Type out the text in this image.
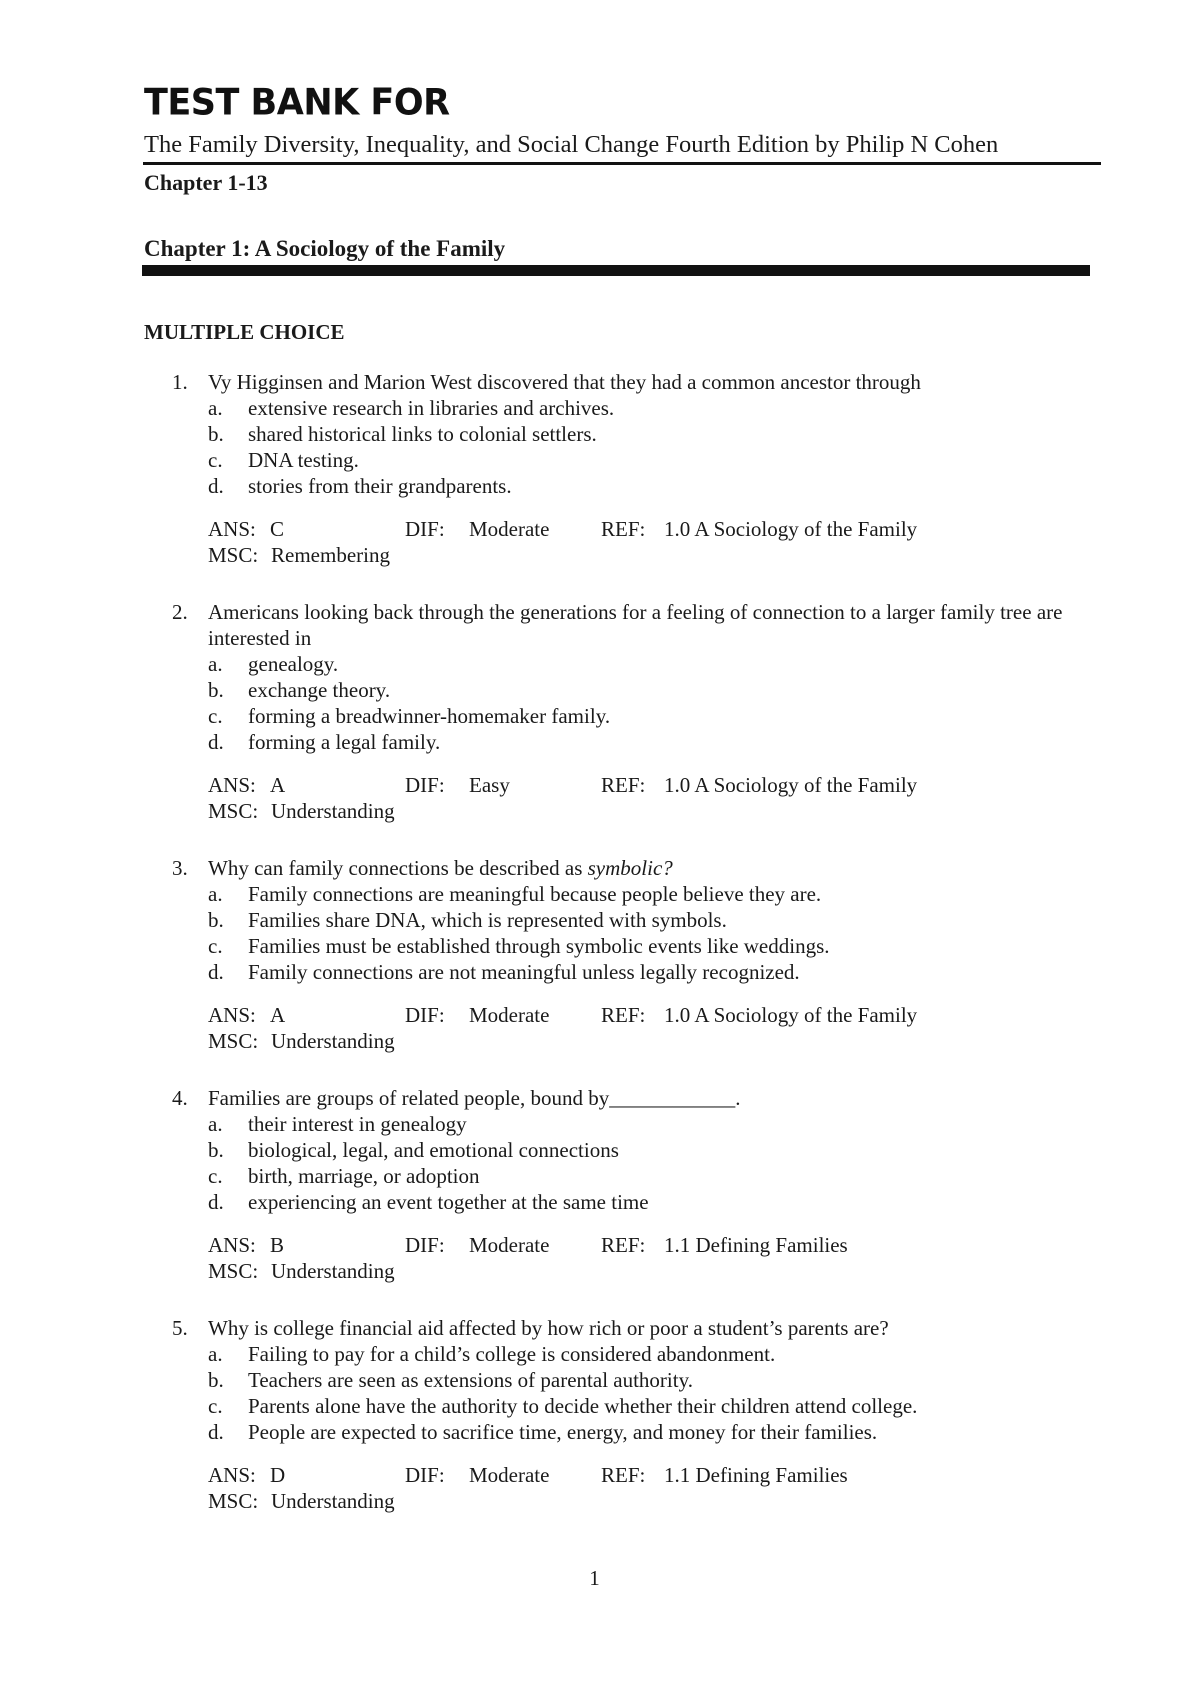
TEST BANK FOR
The Family Diversity, Inequality, and Social Change Fourth Edition by Philip N Cohen
Chapter 1-13
Chapter 1: A Sociology of the Family
MULTIPLE CHOICE
1. Vy Higginsen and Marion West discovered that they had a common ancestor through
a. extensive research in libraries and archives.
b. shared historical links to colonial settlers.
c. DNA testing.
d. stories from their grandparents.
ANS: C	DIF: Moderate REF: 1.0 A Sociology of the Family
MSC: Remembering
2. Americans looking back through the generations for a feeling of connection to a larger family tree are interested in
a. genealogy.
b. exchange theory.
c. forming a breadwinner-homemaker family.
d. forming a legal family.
ANS: A	DIF: Easy	REF: 1.0 A Sociology of the Family
MSC: Understanding
3. Why can family connections be described as symbolic?
a. Family connections are meaningful because people believe they are.
b. Families share DNA, which is represented with symbols.
c. Families must be established through symbolic events like weddings.
d. Family connections are not meaningful unless legally recognized.
ANS: A	DIF: Moderate REF: 1.0 A Sociology of the Family
MSC: Understanding
4. Families are groups of related people, bound by____________.
a. their interest in genealogy
b. biological, legal, and emotional connections
c. birth, marriage, or adoption
d. experiencing an event together at the same time
ANS: B	DIF: Moderate REF: 1.1 Defining Families
MSC: Understanding
5. Why is college financial aid affected by how rich or poor a student’s parents are?
a. Failing to pay for a child’s college is considered abandonment.
b. Teachers are seen as extensions of parental authority.
c. Parents alone have the authority to decide whether their children attend college.
d. People are expected to sacrifice time, energy, and money for their families.
ANS: D	DIF: Moderate REF: 1.1 Defining Families
MSC: Understanding
1
